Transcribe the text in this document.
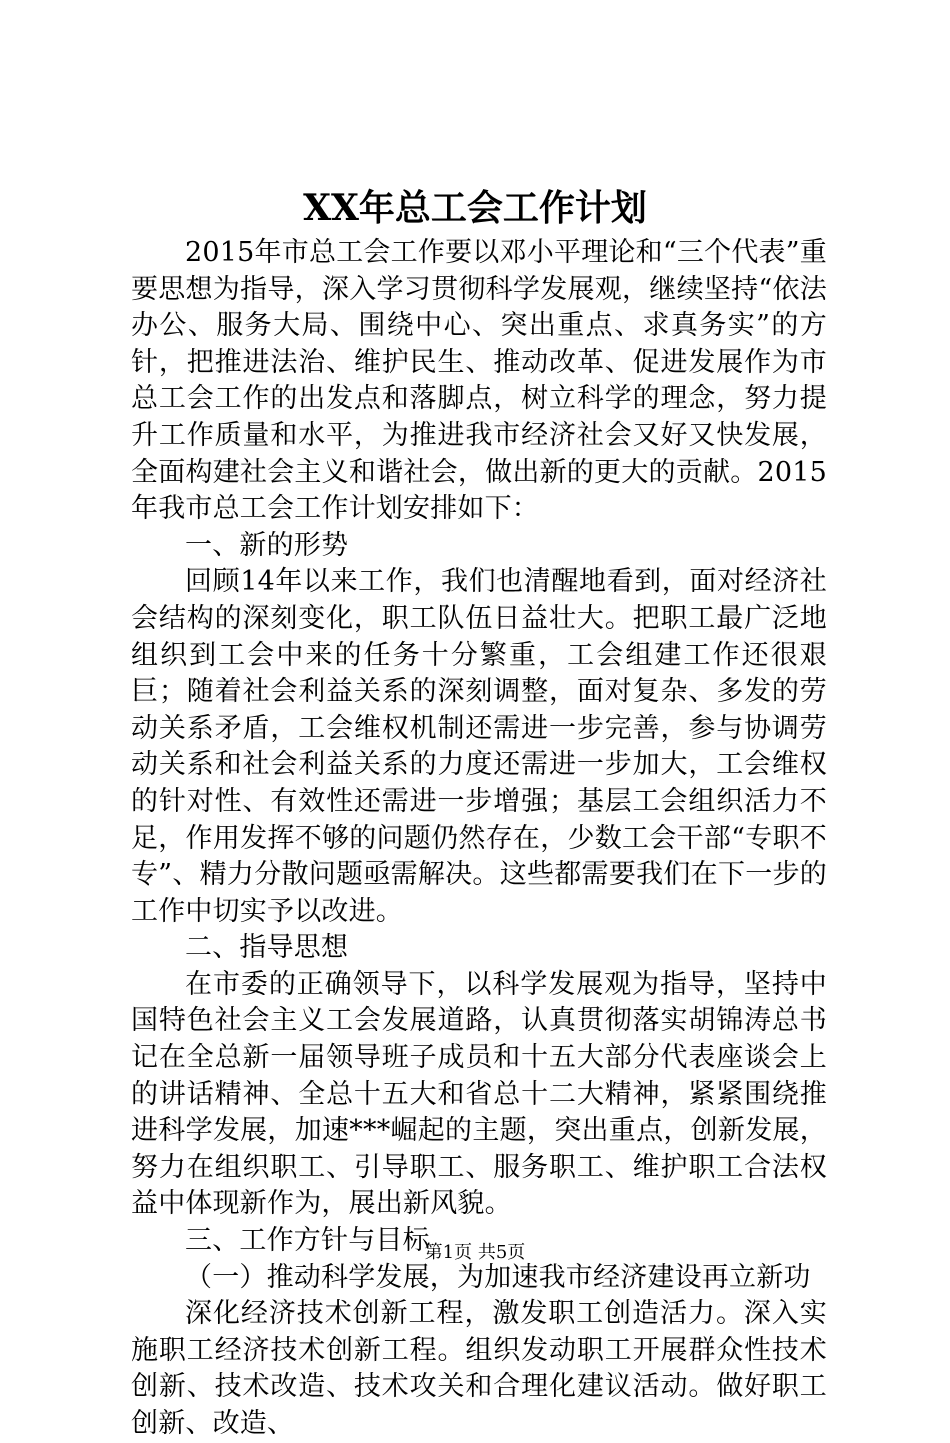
XX年总工会工作计划

2015年市总工会工作要以邓小平理论和“三个代表”重要思想为指导，深入学习贯彻科学发展观，继续坚持“依法办公、服务大局、围绕中心、突出重点、求真务实”的方针，把推进法治、维护民生、推动改革、促进发展作为市总工会工作的出发点和落脚点，树立科学的理念，努力提升工作质量和水平，为推进我市经济社会又好又快发展，全面构建社会主义和谐社会，做出新的更大的贡献。2015年我市总工会工作计划安排如下：

一、新的形势

回顾14年以来工作，我们也清醒地看到，面对经济社会结构的深刻变化，职工队伍日益壮大。把职工最广泛地组织到工会中来的任务十分繁重，工会组建工作还很艰巨；随着社会利益关系的深刻调整，面对复杂、多发的劳动关系矛盾，工会维权机制还需进一步完善，参与协调劳动关系和社会利益关系的力度还需进一步加大，工会维权的针对性、有效性还需进一步增强；基层工会组织活力不足，作用发挥不够的问题仍然存在，少数工会干部“专职不专”、精力分散问题亟需解决。这些都需要我们在下一步的工作中切实予以改进。

二、指导思想

在市委的正确领导下，以科学发展观为指导，坚持中国特色社会主义工会发展道路，认真贯彻落实胡锦涛总书记在全总新一届领导班子成员和十五大部分代表座谈会上的讲话精神、全总十五大和省总十二大精神，紧紧围绕推进科学发展，加速***崛起的主题，突出重点，创新发展，努力在组织职工、引导职工、服务职工、维护职工合法权益中体现新作为，展出新风貌。

三、工作方针与目标

（一）推动科学发展，为加速我市经济建设再立新功

深化经济技术创新工程，激发职工创造活力。深入实施职工经济技术创新工程。组织发动职工开展群众性技术创新、技术改造、技术攻关和合理化建议活动。做好职工创新、改造、

第1页 共5页
